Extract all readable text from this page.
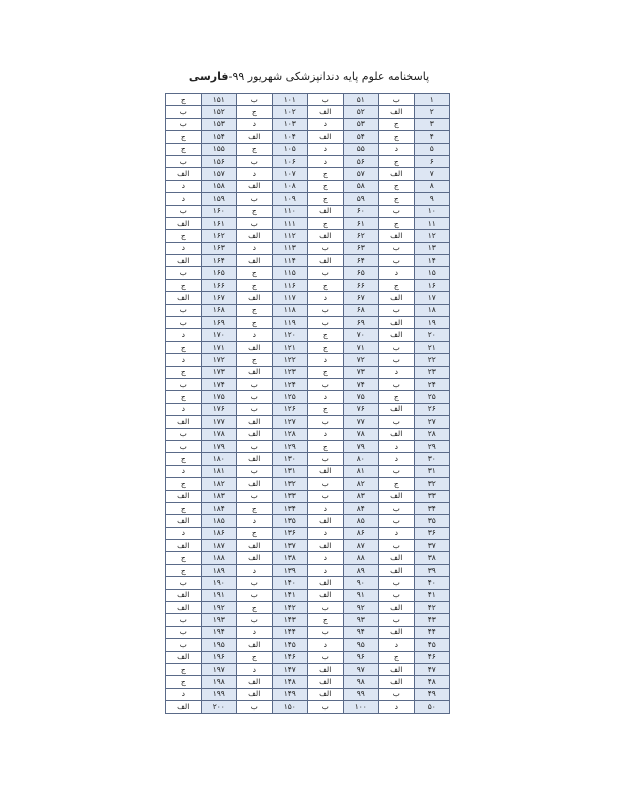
پاسخنامه علوم پایه دندانپزشکی شهریور ۹۹-فارسی
۱	ب	۵۱	ب	۱۰۱	ب	۱۵۱	ج
۲	الف	۵۲	الف	۱۰۲	ج	۱۵۲	ب
۳	ج	۵۳	د	۱۰۳	د	۱۵۳	ب
۴	ج	۵۴	الف	۱۰۴	الف	۱۵۴	ج
۵	د	۵۵	د	۱۰۵	ج	۱۵۵	ج
۶	ج	۵۶	د	۱۰۶	ب	۱۵۶	ب
۷	الف	۵۷	ج	۱۰۷	د	۱۵۷	الف
۸	ج	۵۸	ج	۱۰۸	الف	۱۵۸	د
۹	ج	۵۹	ج	۱۰۹	ب	۱۵۹	د
۱۰	ب	۶۰	الف	۱۱۰	ج	۱۶۰	ب
۱۱	ج	۶۱	ج	۱۱۱	ب	۱۶۱	الف
۱۲	الف	۶۲	الف	۱۱۲	الف	۱۶۲	ج
۱۳	ب	۶۳	ب	۱۱۳	د	۱۶۳	د
۱۴	ب	۶۴	الف	۱۱۴	الف	۱۶۴	الف
۱۵	د	۶۵	ب	۱۱۵	ج	۱۶۵	ب
۱۶	ج	۶۶	ج	۱۱۶	ج	۱۶۶	ج
۱۷	الف	۶۷	د	۱۱۷	الف	۱۶۷	الف
۱۸	ب	۶۸	ب	۱۱۸	ج	۱۶۸	ب
۱۹	الف	۶۹	ب	۱۱۹	ج	۱۶۹	ب
۲۰	الف	۷۰	ج	۱۲۰	د	۱۷۰	د
۲۱	ب	۷۱	ج	۱۲۱	الف	۱۷۱	ج
۲۲	ب	۷۲	د	۱۲۲	ج	۱۷۲	د
۲۳	د	۷۳	ج	۱۲۳	الف	۱۷۳	ج
۲۴	ب	۷۴	ب	۱۲۴	ب	۱۷۴	ب
۲۵	ج	۷۵	د	۱۲۵	ب	۱۷۵	ج
۲۶	الف	۷۶	ج	۱۲۶	ب	۱۷۶	د
۲۷	ب	۷۷	ب	۱۲۷	الف	۱۷۷	الف
۲۸	الف	۷۸	د	۱۲۸	الف	۱۷۸	ب
۲۹	د	۷۹	ج	۱۲۹	ب	۱۷۹	ب
۳۰	د	۸۰	ب	۱۳۰	الف	۱۸۰	ج
۳۱	ب	۸۱	الف	۱۳۱	ب	۱۸۱	د
۳۲	ج	۸۲	ب	۱۳۲	الف	۱۸۲	ج
۳۳	الف	۸۳	ب	۱۳۳	ب	۱۸۳	الف
۳۴	ب	۸۴	د	۱۳۴	ج	۱۸۴	ج
۳۵	ب	۸۵	الف	۱۳۵	د	۱۸۵	الف
۳۶	د	۸۶	د	۱۳۶	ج	۱۸۶	د
۳۷	ب	۸۷	الف	۱۳۷	الف	۱۸۷	الف
۳۸	الف	۸۸	د	۱۳۸	الف	۱۸۸	ج
۳۹	الف	۸۹	د	۱۳۹	د	۱۸۹	ج
۴۰	ب	۹۰	الف	۱۴۰	ب	۱۹۰	ب
۴۱	ب	۹۱	الف	۱۴۱	ب	۱۹۱	الف
۴۲	الف	۹۲	ب	۱۴۲	ج	۱۹۲	الف
۴۳	ب	۹۳	ج	۱۴۳	ب	۱۹۳	ب
۴۴	الف	۹۴	ب	۱۴۴	د	۱۹۴	ب
۴۵	د	۹۵	د	۱۴۵	الف	۱۹۵	ب
۴۶	ج	۹۶	ب	۱۴۶	ج	۱۹۶	الف
۴۷	الف	۹۷	الف	۱۴۷	د	۱۹۷	ج
۴۸	الف	۹۸	الف	۱۴۸	الف	۱۹۸	ج
۴۹	ب	۹۹	الف	۱۴۹	الف	۱۹۹	د
۵۰	د	۱۰۰	ب	۱۵۰	ب	۲۰۰	الف
